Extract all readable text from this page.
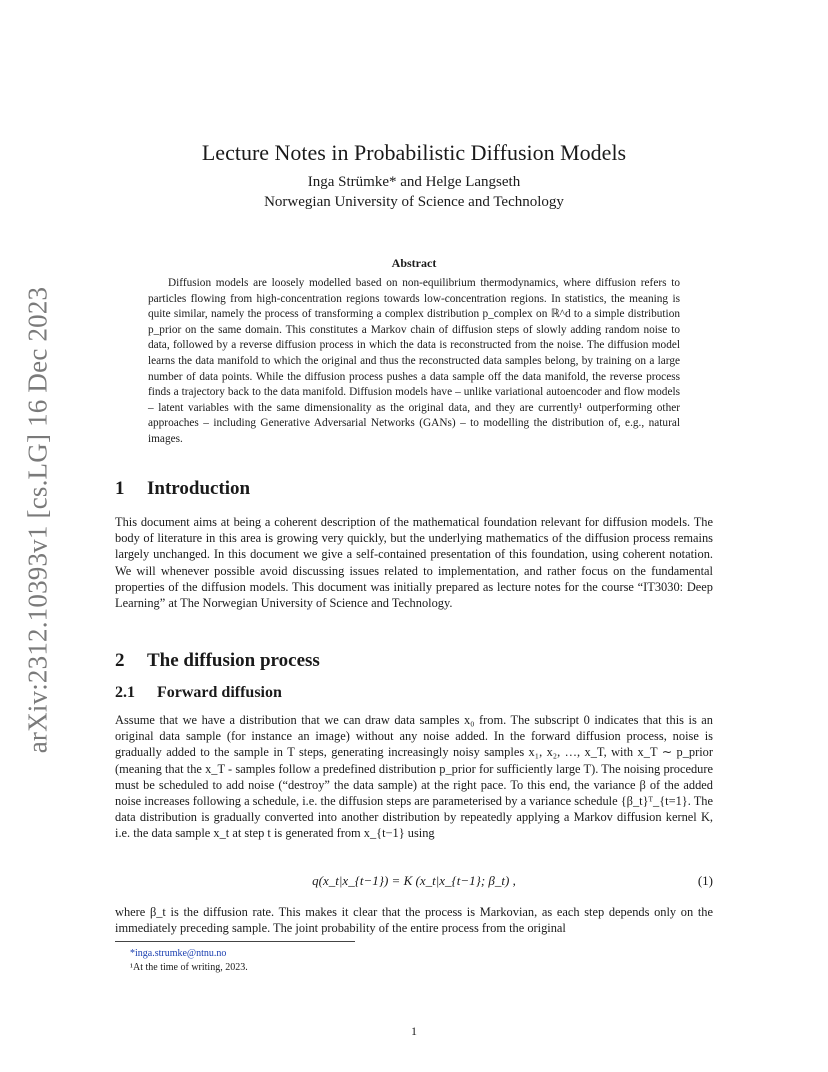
arXiv:2312.10393v1 [cs.LG] 16 Dec 2023
Lecture Notes in Probabilistic Diffusion Models
Inga Strümke* and Helge Langseth
Norwegian University of Science and Technology
Abstract

Diffusion models are loosely modelled based on non-equilibrium thermodynamics, where diffusion refers to particles flowing from high-concentration regions towards low-concentration regions. In statistics, the meaning is quite similar, namely the process of transforming a complex distribution p_complex on ℝ^d to a simple distribution p_prior on the same domain. This constitutes a Markov chain of diffusion steps of slowly adding random noise to data, followed by a reverse diffusion process in which the data is reconstructed from the noise. The diffusion model learns the data manifold to which the original and thus the reconstructed data samples belong, by training on a large number of data points. While the diffusion process pushes a data sample off the data manifold, the reverse process finds a trajectory back to the data manifold. Diffusion models have – unlike variational autoencoder and flow models – latent variables with the same dimensionality as the original data, and they are currently¹ outperforming other approaches – including Generative Adversarial Networks (GANs) – to modelling the distribution of, e.g., natural images.

1 Introduction

This document aims at being a coherent description of the mathematical foundation relevant for diffusion models. The body of literature in this area is growing very quickly, but the underlying mathematics of the diffusion process remains largely unchanged. In this document we give a self-contained presentation of this foundation, using coherent notation. We will whenever possible avoid discussing issues related to implementation, and rather focus on the fundamental properties of the diffusion models. This document was initially prepared as lecture notes for the course “IT3030: Deep Learning” at The Norwegian University of Science and Technology.

2 The diffusion process
2.1 Forward diffusion

Assume that we have a distribution that we can draw data samples x₀ from. The subscript 0 indicates that this is an original data sample (for instance an image) without any noise added. In the forward diffusion process, noise is gradually added to the sample in T steps, generating increasingly noisy samples x₁, x₂, …, x_T, with x_T ∼ p_prior (meaning that the x_T - samples follow a predefined distribution p_prior for sufficiently large T). The noising procedure must be scheduled to add noise (“destroy” the data sample) at the right pace. To this end, the variance β of the added noise increases following a schedule, i.e. the diffusion steps are parameterised by a variance schedule {β_t}ᵀ_{t=1}. The data distribution is gradually converted into another distribution by repeatedly applying a Markov diffusion kernel K, i.e. the data sample x_t at step t is generated from x_{t−1} using

q(x_t|x_{t−1}) = K (x_t|x_{t−1}; β_t) ,	(1)

where β_t is the diffusion rate. This makes it clear that the process is Markovian, as each step depends only on the immediately preceding sample. The joint probability of the entire process from the original

*inga.strumke@ntnu.no
¹At the time of writing, 2023.
1
